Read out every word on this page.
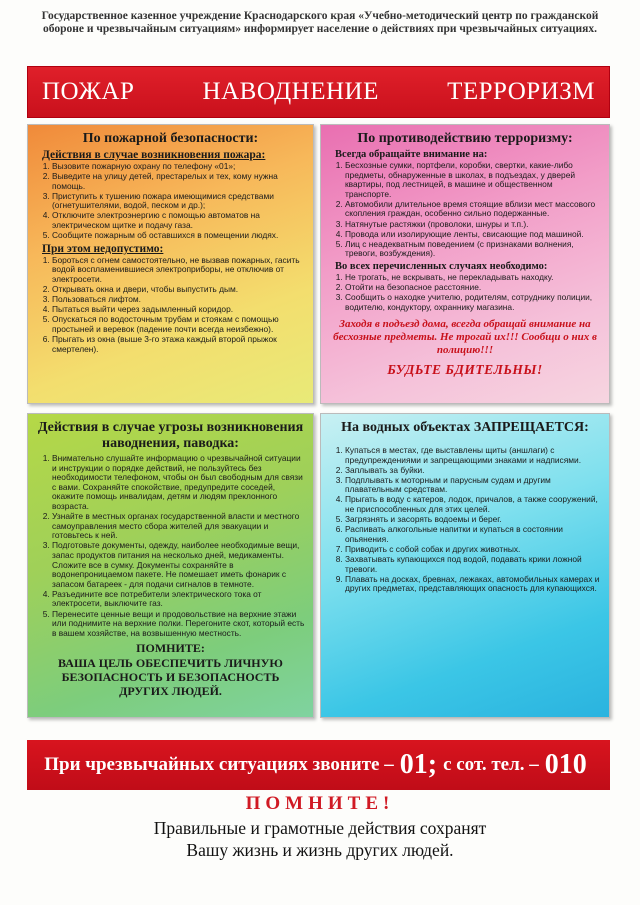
Государственное казенное учреждение Краснодарского края «Учебно-методический центр по гражданской обороне и чрезвычайным ситуациям» информирует население о действиях при чрезвычайных ситуациях.
ПОЖАР	НАВОДНЕНИЕ	ТЕРРОРИЗМ
По пожарной безопасности:
Действия в случае возникновения пожара:
1. Вызовите пожарную охрану по телефону «01»;
2. Выведите на улицу детей, престарелых и тех, кому нужна помощь.
3. Приступить к тушению пожара имеющимися средствами (огнетушителями, водой, песком и др.);
4. Отключите электроэнергию с помощью автоматов на электрическом щитке и подачу газа.
5. Сообщите пожарным об оставшихся в помещении людях.
При этом недопустимо:
1. Бороться с огнем самостоятельно, не вызвав пожарных, гасить водой воспламенившиеся электроприборы, не отключив от электросети.
2. Открывать окна и двери, чтобы выпустить дым.
3. Пользоваться лифтом.
4. Пытаться выйти через задымленный коридор.
5. Опускаться по водосточным трубам и стоякам с помощью простыней и веревок (падение почти всегда неизбежно).
6. Прыгать из окна (выше 3-го этажа каждый второй прыжок смертелен).
По противодействию терроризму:
Всегда обращайте внимание на:
1. Бесхозные сумки, портфели, коробки, свертки, какие-либо предметы, обнаруженные в школах, в подъездах, у дверей квартиры, под лестницей, в машине и общественном транспорте.
2. Автомобили длительное время стоящие вблизи мест массового скопления граждан, особенно сильно подержанные.
3. Натянутые растяжки (проволоки, шнуры и т.п.).
4. Провода или изолирующие ленты, свисающие под машиной.
5. Лиц с неадекватным поведением (с признаками волнения, тревоги, возбуждения).
Во всех перечисленных случаях необходимо:
1. Не трогать, не вскрывать, не перекладывать находку.
2. Отойти на безопасное расстояние.
3. Сообщить о находке учителю, родителям, сотруднику полиции, водителю, кондуктору, охраннику магазина.
Заходя в подъезд дома, всегда обращай внимание на бесхозные предметы. Не трогай их!!! Сообщи о них в полицию!!!
БУДЬТЕ БДИТЕЛЬНЫ!
Действия в случае угрозы возникновения наводнения, паводка:
1. Внимательно слушайте информацию о чрезвычайной ситуации и инструкции о порядке действий, не пользуйтесь без необходимости телефоном, чтобы он был свободным для связи с вами. Сохраняйте спокойствие, предупредите соседей, окажите помощь инвалидам, детям и людям преклонного возраста.
2. Узнайте в местных органах государственной власти и местного самоуправления место сбора жителей для эвакуации и готовьтесь к ней.
3. Подготовьте документы, одежду, наиболее необходимые вещи, запас продуктов питания на несколько дней, медикаменты. Сложите все в сумку. Документы сохраняйте в водонепроницаемом пакете. Не помешает иметь фонарик с запасом батареек - для подачи сигналов в темноте.
4. Разъедините все потребители электрического тока от электросети, выключите газ.
5. Перенесите ценные вещи и продовольствие на верхние этажи или поднимите на верхние полки. Перегоните скот, который есть в вашем хозяйстве, на возвышенную местность.
ПОМНИТЕ:
ВАША ЦЕЛЬ ОБЕСПЕЧИТЬ ЛИЧНУЮ БЕЗОПАСНОСТЬ И БЕЗОПАСНОСТЬ ДРУГИХ ЛЮДЕЙ.
На водных объектах ЗАПРЕЩАЕТСЯ:
1. Купаться в местах, где выставлены щиты (аншлаги) с предупреждениями и запрещающими знаками и надписями.
2. Заплывать за буйки.
3. Подплывать к моторным и парусным судам и другим плавательным средствам.
4. Прыгать в воду с катеров, лодок, причалов, а также сооружений, не приспособленных для этих целей.
5. Загрязнять и засорять водоемы и берег.
6. Распивать алкогольные напитки и купаться в состоянии опьянения.
7. Приводить с собой собак и других животных.
8. Захватывать купающихся под водой, подавать крики ложной тревоги.
9. Плавать на досках, бревнах, лежаках, автомобильных камерах и других предметах, представляющих опасность для купающихся.
При чрезвычайных ситуациях звоните – 01; с сот. тел. – 010
ПОМНИТЕ!
Правильные и грамотные действия сохранят
Вашу жизнь и жизнь других людей.
